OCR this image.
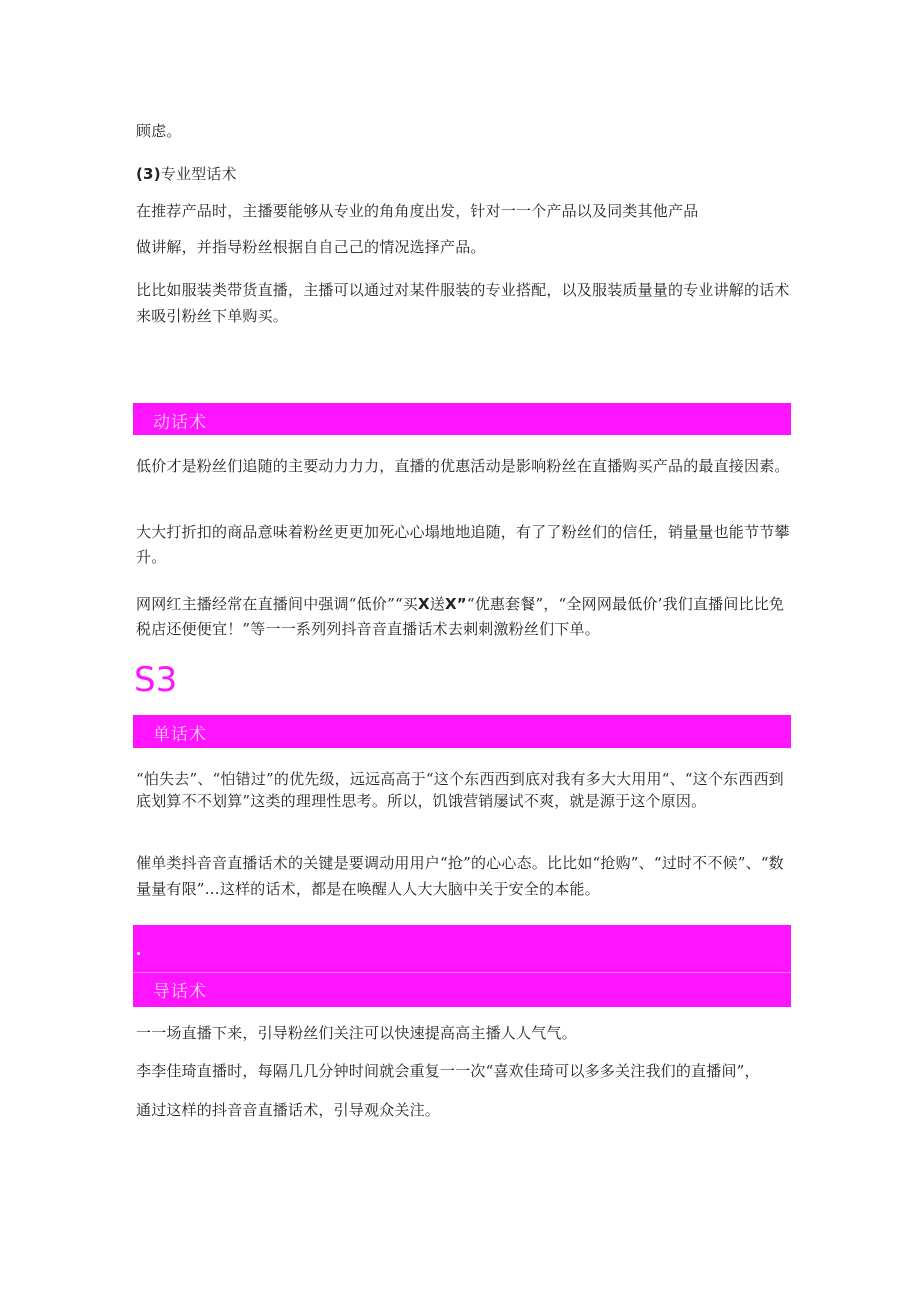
顾虑。

(3)专业型话术

在推荐产品时，主播要能够从专业的角角度出发，针对一一个产品以及同类其他产品

做讲解，并指导粉丝根据自自己己的情况选择产品。

比比如服装类带货直播，主播可以通过对某件服装的专业搭配，以及服装质量量的专业讲解的话术来吸引粉丝下单购买。

动话术

低价才是粉丝们追随的主要动力力力，直播的优惠活动是影响粉丝在直播购买产品的最直接因素。

大大打折扣的商品意味着粉丝更更加死心心塌地地追随，有了了粉丝们的信任，销量量也能节节攀升。

网网红主播经常在直播间中强调“低价”“买X送X”“优惠套餐”，“全网网最低价’我们直播间比比免税店还便便宜！”等一一系列列抖音音直播话术去刺刺激粉丝们下单。

S3
单话术

“怕失去”、“怕错过”的优先级，远远高高于“这个东西西到底对我有多大大用用“、“这个东西西到底划算不不划算”这类的理理性思考。所以，饥饿营销屡试不爽，就是源于这个原因。

催单类抖音音直播话术的关键是要调动用用户“抢”的心心态。比比如“抢购”、“过时不不候”、“数量量有限”…这样的话术，都是在唤醒人人大大脑中关于安全的本能。

导话术

一一场直播下来，引导粉丝们关注可以快速提高高主播人人气气。

李李佳琦直播时，每隔几几分钟时间就会重复一一次“喜欢佳琦可以多多关注我们的直播间”，

通过这样的抖音音直播话术，引导观众关注。
